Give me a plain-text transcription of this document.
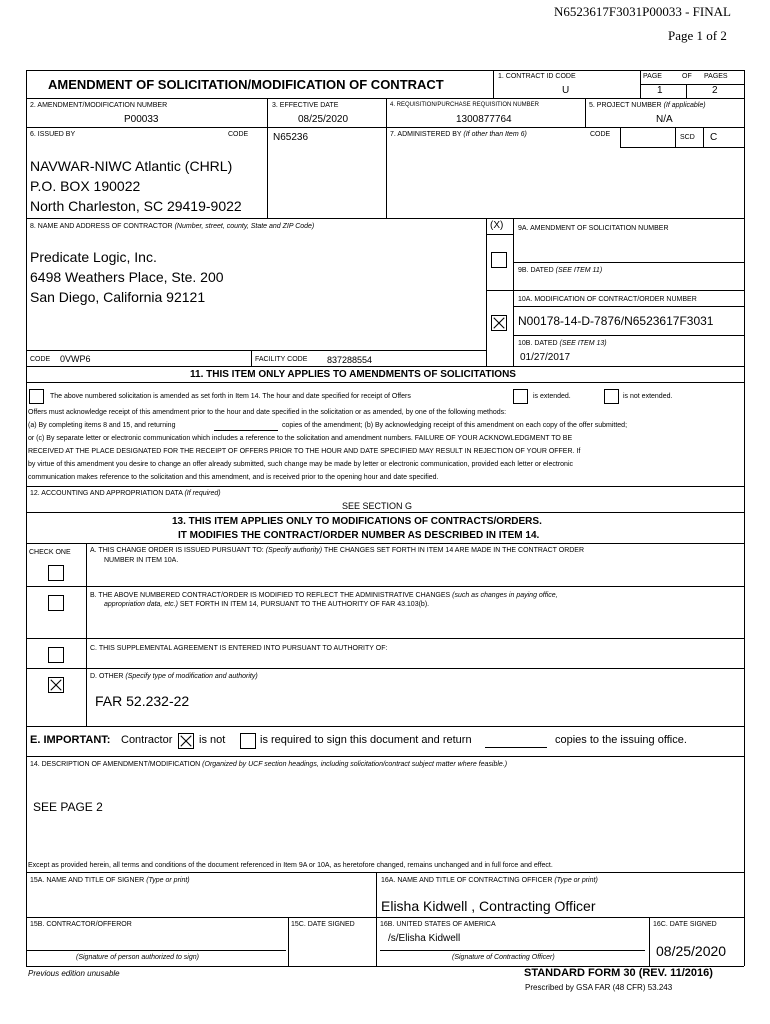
N6523617F3031P00033 - FINAL
Page 1 of 2
AMENDMENT OF SOLICITATION/MODIFICATION OF CONTRACT
1. CONTRACT ID CODE
U
PAGE	OF PAGES
1	2
2. AMENDMENT/MODIFICATION NUMBER
P00033
3. EFFECTIVE DATE
08/25/2020
4. REQUISITION/PURCHASE REQUISITION NUMBER
1300877764
5. PROJECT NUMBER (If applicable)
N/A
6. ISSUED BY	CODE N65236	7. ADMINISTERED BY (If other than Item 6)	CODE	SCD C
NAVWAR-NIWC Atlantic (CHRL)
P.O. BOX 190022
North Charleston, SC 29419-9022
8. NAME AND ADDRESS OF CONTRACTOR (Number, street, county, State and ZIP Code)
Predicate Logic, Inc.
6498 Weathers Place, Ste. 200
San Diego, California 92121
(X) 9A. AMENDMENT OF SOLICITATION NUMBER
9B. DATED (SEE ITEM 11)
10A. MODIFICATION OF CONTRACT/ORDER NUMBER
N00178-14-D-7876/N6523617F3031
10B. DATED (SEE ITEM 13)
01/27/2017
CODE 0VWP6	FACILITY CODE 837288554
11. THIS ITEM ONLY APPLIES TO AMENDMENTS OF SOLICITATIONS
The above numbered solicitation is amended as set forth in Item 14. The hour and date specified for receipt of Offers	is extended.	is not extended.
Offers must acknowledge receipt of this amendment prior to the hour and date specified in the solicitation or as amended, by one of the following methods:
(a) By completing items 8 and 15, and returning	copies of the amendment; (b) By acknowledging receipt of this amendment on each copy of the offer submitted;
or (c) By separate letter or electronic communication which includes a reference to the solicitation and amendment numbers. FAILURE OF YOUR ACKNOWLEDGMENT TO BE
RECEIVED AT THE PLACE DESIGNATED FOR THE RECEIPT OF OFFERS PRIOR TO THE HOUR AND DATE SPECIFIED MAY RESULT IN REJECTION OF YOUR OFFER. If
by virtue of this amendment you desire to change an offer already submitted, such change may be made by letter or electronic communication, provided each letter or electronic
communication makes reference to the solicitation and this amendment, and is received prior to the opening hour and date specified.
12. ACCOUNTING AND APPROPRIATION DATA (If required)
SEE SECTION G
13. THIS ITEM APPLIES ONLY TO MODIFICATIONS OF CONTRACTS/ORDERS.
IT MODIFIES THE CONTRACT/ORDER NUMBER AS DESCRIBED IN ITEM 14.
CHECK ONE	A. THIS CHANGE ORDER IS ISSUED PURSUANT TO: (Specify authority) THE CHANGES SET FORTH IN ITEM 14 ARE MADE IN THE CONTRACT ORDER
NUMBER IN ITEM 10A.
B. THE ABOVE NUMBERED CONTRACT/ORDER IS MODIFIED TO REFLECT THE ADMINISTRATIVE CHANGES (such as changes in paying office,
appropriation data, etc.) SET FORTH IN ITEM 14, PURSUANT TO THE AUTHORITY OF FAR 43.103(b).
C. THIS SUPPLEMENTAL AGREEMENT IS ENTERED INTO PURSUANT TO AUTHORITY OF:
D. OTHER (Specify type of modification and authority)
FAR 52.232-22
E. IMPORTANT: Contractor is not	is required to sign this document and return	copies to the issuing office.
14. DESCRIPTION OF AMENDMENT/MODIFICATION (Organized by UCF section headings, including solicitation/contract subject matter where feasible.)
SEE PAGE 2
Except as provided herein, all terms and conditions of the document referenced in Item 9A or 10A, as heretofore changed, remains unchanged and in full force and effect.
15A. NAME AND TITLE OF SIGNER (Type or print)	16A. NAME AND TITLE OF CONTRACTING OFFICER (Type or print)
Elisha Kidwell , Contracting Officer
15B. CONTRACTOR/OFFEROR	15C. DATE SIGNED	16B. UNITED STATES OF AMERICA	16C. DATE SIGNED
/s/Elisha Kidwell
(Signature of person authorized to sign)	(Signature of Contracting Officer)	08/25/2020
Previous edition unusable	STANDARD FORM 30 (REV. 11/2016)
Prescribed by GSA FAR (48 CFR) 53.243
